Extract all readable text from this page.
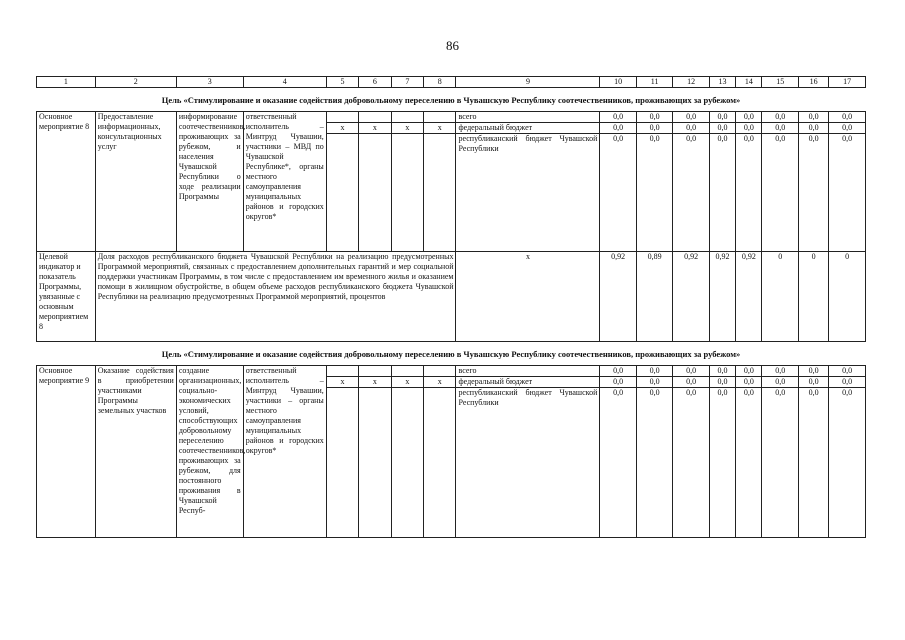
86
1	2	3	4	5	6	7	8	9	10	11	12	13	14	15	16	17
Цель «Стимулирование и оказание содействия добровольному переселению в Чувашскую Республику соотечественников, проживающих за рубежом»																
Основное мероприятие 8	Предоставление информационных, консультационных услуг	информирование соотечественников, проживающих за рубежом, и населения Чувашской Республики о ходе реализации Программы	ответственный исполнитель – Минтруд Чувашии, участники – МВД по Чувашской Республике*, органы местного самоуправления муниципальных районов и городских округов*					всего	0,0	0,0	0,0	0,0	0,0	0,0	0,0	0,0
				x	x	x	x	федеральный бюджет	0,0	0,0	0,0	0,0	0,0	0,0	0,0	0,0
								республиканский бюджет Чувашской Республики	0,0	0,0	0,0	0,0	0,0	0,0	0,0	0,0
Целевой индикатор и показатель Программы, увязанные с основным мероприятием 8	Доля расходов республиканского бюджета Чувашской Республики на реализацию предусмотренных Программой мероприятий, связанных с предоставлением дополнительных гарантий и мер социальной поддержки участникам Программы, в том числе с предоставлением им временного жилья и оказанием помощи в жилищном обустройстве, в общем объеме расходов республиканского бюджета Чувашской Республики на реализацию предусмотренных Программой мероприятий, процентов							x	0,92	0,89	0,92	0,92	0,92	0	0	0
Цель «Стимулирование и оказание содействия добровольному переселению в Чувашскую Республику соотечественников, проживающих за рубежом»																
Основное мероприятие 9	Оказание содействия в приобретении участниками Программы земельных участков	создание организационных, социально-экономических условий, способствующих добровольному переселению соотечественников, проживающих за рубежом, для постоянного проживания в Чувашской Респуб-	ответственный исполнитель – Минтруд Чувашии, участники – органы местного самоуправления муниципальных районов и городских округов*					всего	0,0	0,0	0,0	0,0	0,0	0,0	0,0	0,0
				x	x	x	x	федеральный бюджет	0,0	0,0	0,0	0,0	0,0	0,0	0,0	0,0
								республиканский бюджет Чувашской Республики	0,0	0,0	0,0	0,0	0,0	0,0	0,0	0,0
